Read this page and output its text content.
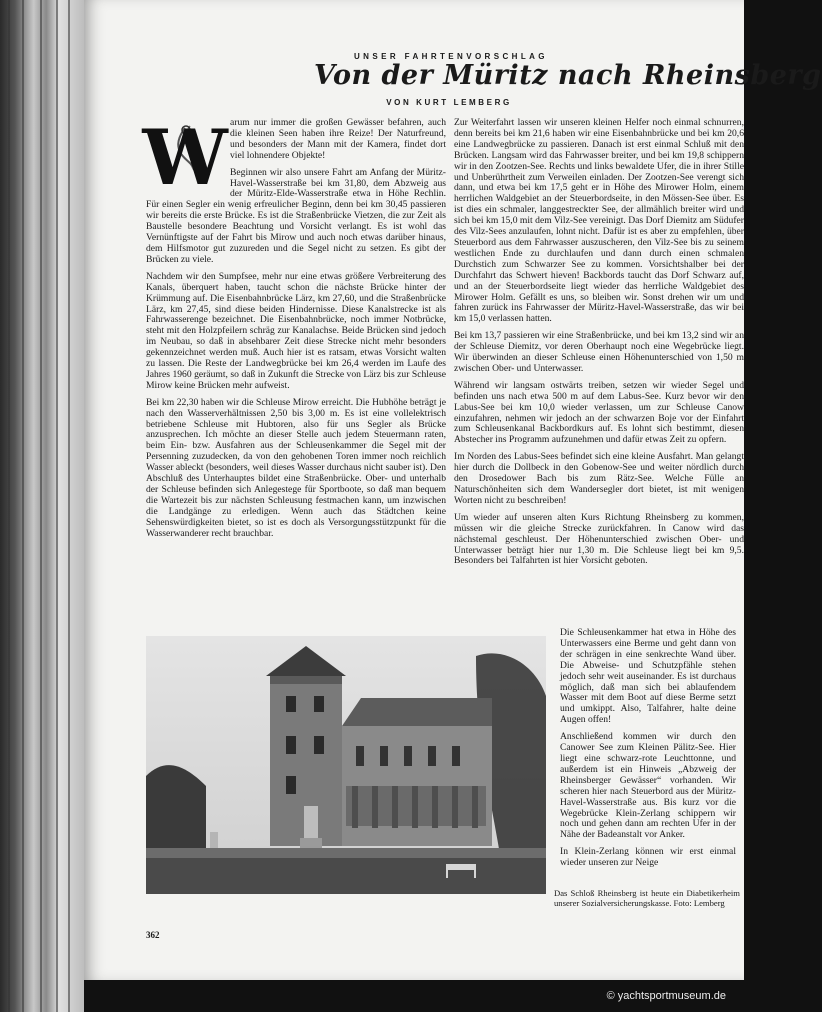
UNSER FAHRTENVORSCHLAG
Von der Müritz nach Rheinsberg
VON KURT LEMBERG
W arum nur immer die großen Gewässer befahren, auch die kleinen Seen haben ihre Reize! Der Naturfreund, und besonders der Mann mit der Kamera, findet dort viel lohnendere Objekte!

Beginnen wir also unsere Fahrt am Anfang der Müritz-Havel-Wasserstraße bei km 31,80, dem Abzweig aus der Müritz-Elde-Wasserstraße etwa in Höhe Rechlin. Für einen Segler ein wenig erfreulicher Beginn, denn bei km 30,45 passieren wir bereits die erste Brücke. Es ist die Straßenbrücke Vietzen, die zur Zeit als Baustelle besondere Beachtung und Vorsicht verlangt. Es ist wohl das Vernünftigste auf der Fahrt bis Mirow und auch noch etwas darüber hinaus, dem Hilfsmotor gut zuzureden und die Segel nicht zu setzen. Es gibt der Brücken zu viele.

Nachdem wir den Sumpfsee, mehr nur eine etwas größere Verbreiterung des Kanals, überquert haben, taucht schon die nächste Brücke hinter der Krümmung auf. Die Eisenbahnbrücke Lärz, km 27,60, und die Straßenbrücke Lärz, km 27,45, sind diese beiden Hindernisse. Diese Kanalstrecke ist als Fahrwasserenge bezeichnet. Die Eisenbahnbrücke, noch immer Notbrücke, steht mit den Holzpfeilern schräg zur Kanalachse. Beide Brücken sind jedoch im Neubau, so daß in absehbarer Zeit diese Strecke nicht mehr besonders gekennzeichnet werden muß. Auch hier ist es ratsam, etwas Vorsicht walten zu lassen. Die Reste der Landwegbrücke bei km 26,4 werden im Laufe des Jahres 1960 geräumt, so daß in Zukunft die Strecke von Lärz bis zur Schleuse Mirow keine Brücken mehr aufweist.

Bei km 22,30 haben wir die Schleuse Mirow erreicht. Die Hubhöhe beträgt je nach den Wasserverhältnissen 2,50 bis 3,00 m. Es ist eine vollelektrisch betriebene Schleuse mit Hubtoren, also für uns Segler als Brücke anzusprechen. Ich möchte an dieser Stelle auch jedem Steuermann raten, beim Ein- bzw. Ausfahren aus der Schleusenkammer die Segel mit der Persenning zuzudecken, da von den gehobenen Toren immer noch reichlich Wasser ableckt (besonders, weil dieses Wasser durchaus nicht sauber ist). Den Abschluß des Unterhauptes bildet eine Straßenbrücke. Ober- und unterhalb der Schleuse befinden sich Anlegestege für Sportboote, so daß man bequem die Wartezeit bis zur nächsten Schleusung festmachen kann, um inzwischen die Landgänge zu erledigen. Wenn auch das Städtchen keine Sehenswürdigkeiten bietet, so ist es doch als Versorgungsstützpunkt für die Wasserwanderer recht brauchbar.

Zur Weiterfahrt lassen wir unseren kleinen Helfer noch einmal schnurren, denn bereits bei km 21,6 haben wir eine Eisenbahnbrücke und bei km 20,6 eine Landwegbrücke zu passieren. Danach ist erst einmal Schluß mit den Brücken. Langsam wird das Fahrwasser breiter, und bei km 19,8 schippern wir in den Zootzen-See. Rechts und links bewaldete Ufer, die in ihrer Stille und Unberührtheit zum Verweilen einladen. Der Zootzen-See verengt sich dann, und etwa bei km 17,5 geht er in Höhe des Mirower Holm, einem herrlichen Waldgebiet an der Steuerbordseite, in den Mössen-See über. Es ist dies ein schmaler, langgestreckter See, der allmählich breiter wird und sich bei km 15,0 mit dem Vilz-See vereinigt. Das Dorf Diemitz am Südufer des Vilz-Sees anzulaufen, lohnt nicht. Dafür ist es aber zu empfehlen, über Steuerbord aus dem Fahrwasser auszuscheren, den Vilz-See bis zu seinem westlichen Ende zu durchlaufen und dann durch einen schmalen Durchstich zum Schwarzer See zu kommen. Vorsichtshalber bei der Durchfahrt das Schwert hieven! Backbords taucht das Dorf Schwarz auf, und an der Steuerbordseite liegt wieder das herrliche Waldgebiet des Mirower Holm. Gefällt es uns, so bleiben wir. Sonst drehen wir um und fahren zurück ins Fahrwasser der Müritz-Havel-Wasserstraße, das wir bei km 15,0 verlassen hatten.

Bei km 13,7 passieren wir eine Straßenbrücke, und bei km 13,2 sind wir an der Schleuse Diemitz, vor deren Oberhaupt noch eine Wegebrücke liegt. Wir überwinden an dieser Schleuse einen Höhenunterschied von 1,50 m zwischen Ober- und Unterwasser.

Während wir langsam ostwärts treiben, setzen wir wieder Segel und befinden uns nach etwa 500 m auf dem Labus-See. Kurz bevor wir den Labus-See bei km 10,0 wieder verlassen, um zur Schleuse Canow einzufahren, nehmen wir jedoch an der schwarzen Boje vor der Einfahrt zum Schleusenkanal Backbordkurs auf. Es lohnt sich bestimmt, diesen Abstecher ins Programm aufzunehmen und dafür etwas Zeit zu opfern.

Im Norden des Labus-Sees befindet sich eine kleine Ausfahrt. Man gelangt hier durch die Dollbeck in den Gobenow-See und weiter nördlich durch den Drosedower Bach bis zum Rätz-See. Welche Fülle an Naturschönheiten sich dem Wandersegler dort bietet, ist mit wenigen Worten nicht zu beschreiben!

Um wieder auf unseren alten Kurs Richtung Rheinsberg zu kommen, müssen wir die gleiche Strecke zurückfahren. In Canow wird das nächstemal geschleust. Der Höhenunterschied zwischen Ober- und Unterwasser beträgt hier nur 1,30 m. Die Schleuse liegt bei km 9,5. Besonders bei Talfahrten ist hier Vorsicht geboten.

Die Schleusenkammer hat etwa in Höhe des Unterwassers eine Berme und geht dann von der schrägen in eine senkrechte Wand über. Die Abweise- und Schutzpfähle stehen jedoch sehr weit auseinander. Es ist durchaus möglich, daß man sich bei ablaufendem Wasser mit dem Boot auf diese Berme setzt und umkippt. Also, Talfahrer, halte deine Augen offen!

Anschließend kommen wir durch den Canower See zum Kleinen Pälitz-See. Hier liegt eine schwarz-rote Leuchttonne, und außerdem ist ein Hinweis „Abzweig der Rheinsberger Gewässer“ vorhanden. Wir scheren hier nach Steuerbord aus der Müritz-Havel-Wasserstraße aus. Bis kurz vor die Wegebrücke Klein-Zerlang schippern wir noch und gehen dann am rechten Ufer in der Nähe der Badeanstalt vor Anker.

In Klein-Zerlang können wir erst einmal wieder unseren zur Neige

Das Schloß Rheinsberg ist heute ein Diabetikerheim unserer Sozialversicherungskasse. Foto: Lemberg
362
© yachtsportmuseum.de
